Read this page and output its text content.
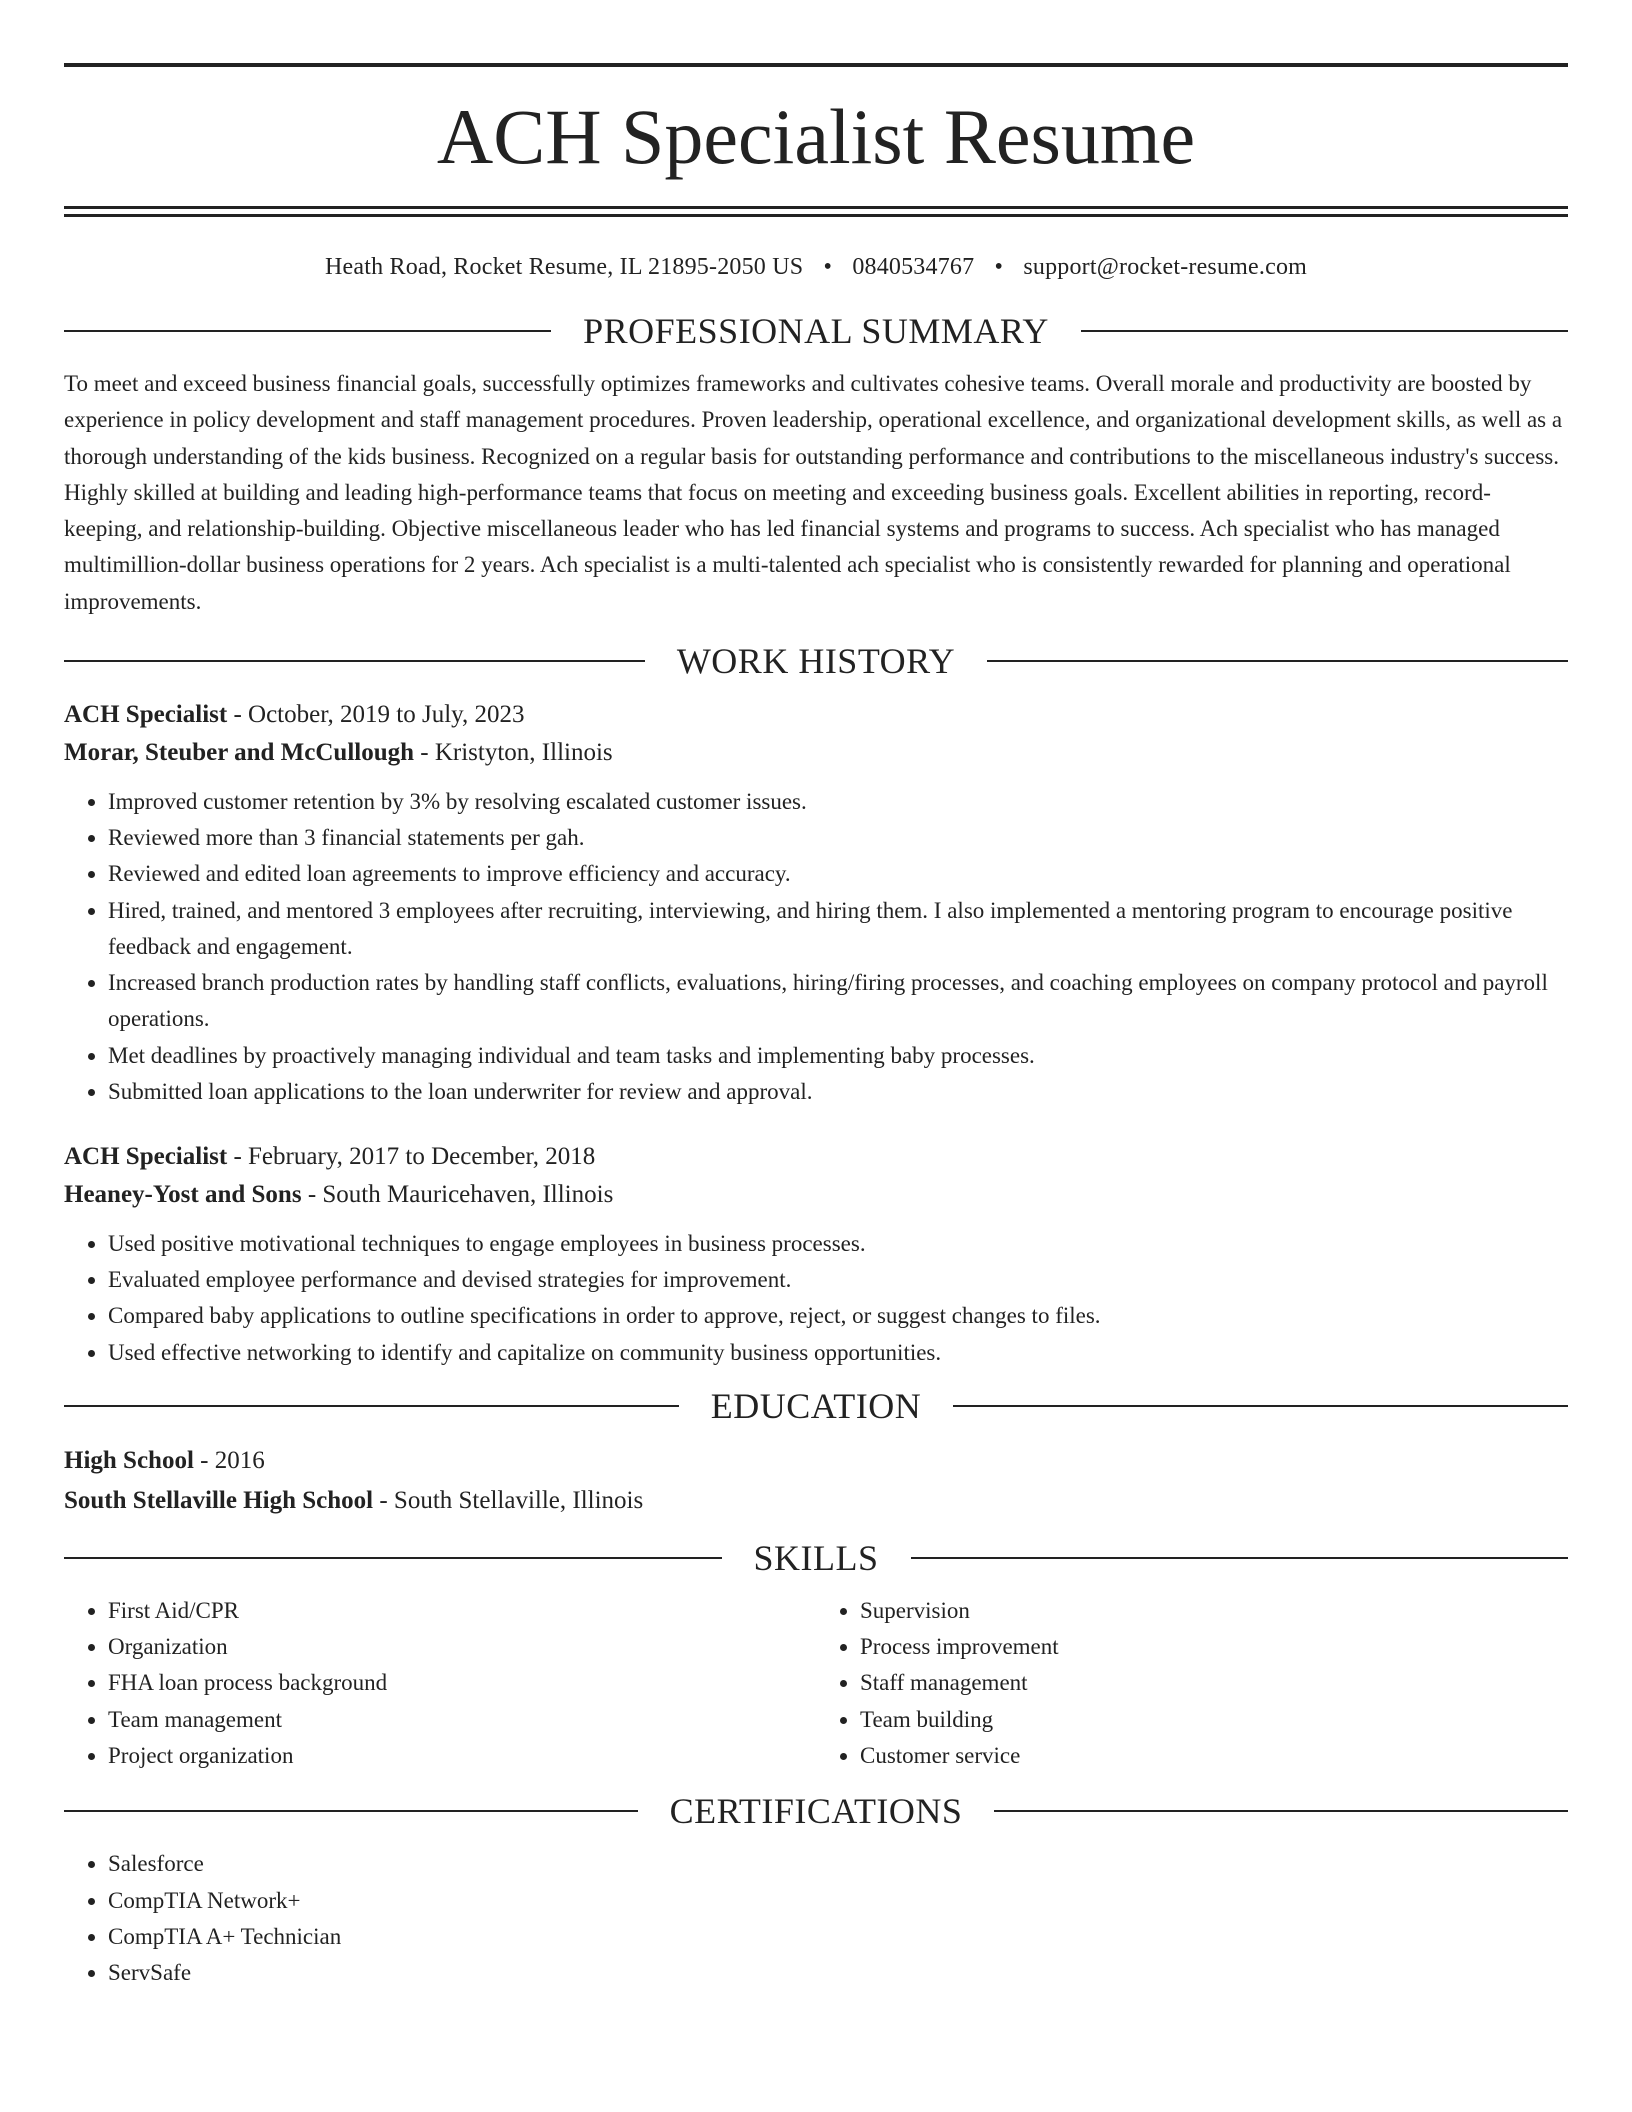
ACH Specialist Resume
Heath Road, Rocket Resume, IL 21895-2050 US • 0840534767 • support@rocket-resume.com
PROFESSIONAL SUMMARY

To meet and exceed business financial goals, successfully optimizes frameworks and cultivates cohesive teams. Overall morale and productivity are boosted by experience in policy development and staff management procedures. Proven leadership, operational excellence, and organizational development skills, as well as a thorough understanding of the kids business. Recognized on a regular basis for outstanding performance and contributions to the miscellaneous industry's success. Highly skilled at building and leading high-performance teams that focus on meeting and exceeding business goals. Excellent abilities in reporting, record-keeping, and relationship-building. Objective miscellaneous leader who has led financial systems and programs to success. Ach specialist who has managed multimillion-dollar business operations for 2 years. Ach specialist is a multi-talented ach specialist who is consistently rewarded for planning and operational improvements.

WORK HISTORY
ACH Specialist - October, 2019 to July, 2023
Morar, Steuber and McCullough - Kristyton, Illinois
• Improved customer retention by 3% by resolving escalated customer issues.
• Reviewed more than 3 financial statements per gah.
• Reviewed and edited loan agreements to improve efficiency and accuracy.
• Hired, trained, and mentored 3 employees after recruiting, interviewing, and hiring them. I also implemented a mentoring program to encourage positive feedback and engagement.
• Increased branch production rates by handling staff conflicts, evaluations, hiring/firing processes, and coaching employees on company protocol and payroll operations.
• Met deadlines by proactively managing individual and team tasks and implementing baby processes.
• Submitted loan applications to the loan underwriter for review and approval.
ACH Specialist - February, 2017 to December, 2018
Heaney-Yost and Sons - South Mauricehaven, Illinois
• Used positive motivational techniques to engage employees in business processes.
• Evaluated employee performance and devised strategies for improvement.
• Compared baby applications to outline specifications in order to approve, reject, or suggest changes to files.
• Used effective networking to identify and capitalize on community business opportunities.
EDUCATION
High School - 2016
South Stellaville High School - South Stellaville, Illinois
SKILLS
• First Aid/CPR
• Organization
• FHA loan process background
• Team management
• Project organization
• Supervision
• Process improvement
• Staff management
• Team building
• Customer service
CERTIFICATIONS
• Salesforce
• CompTIA Network+
• CompTIA A+ Technician
• ServSafe
